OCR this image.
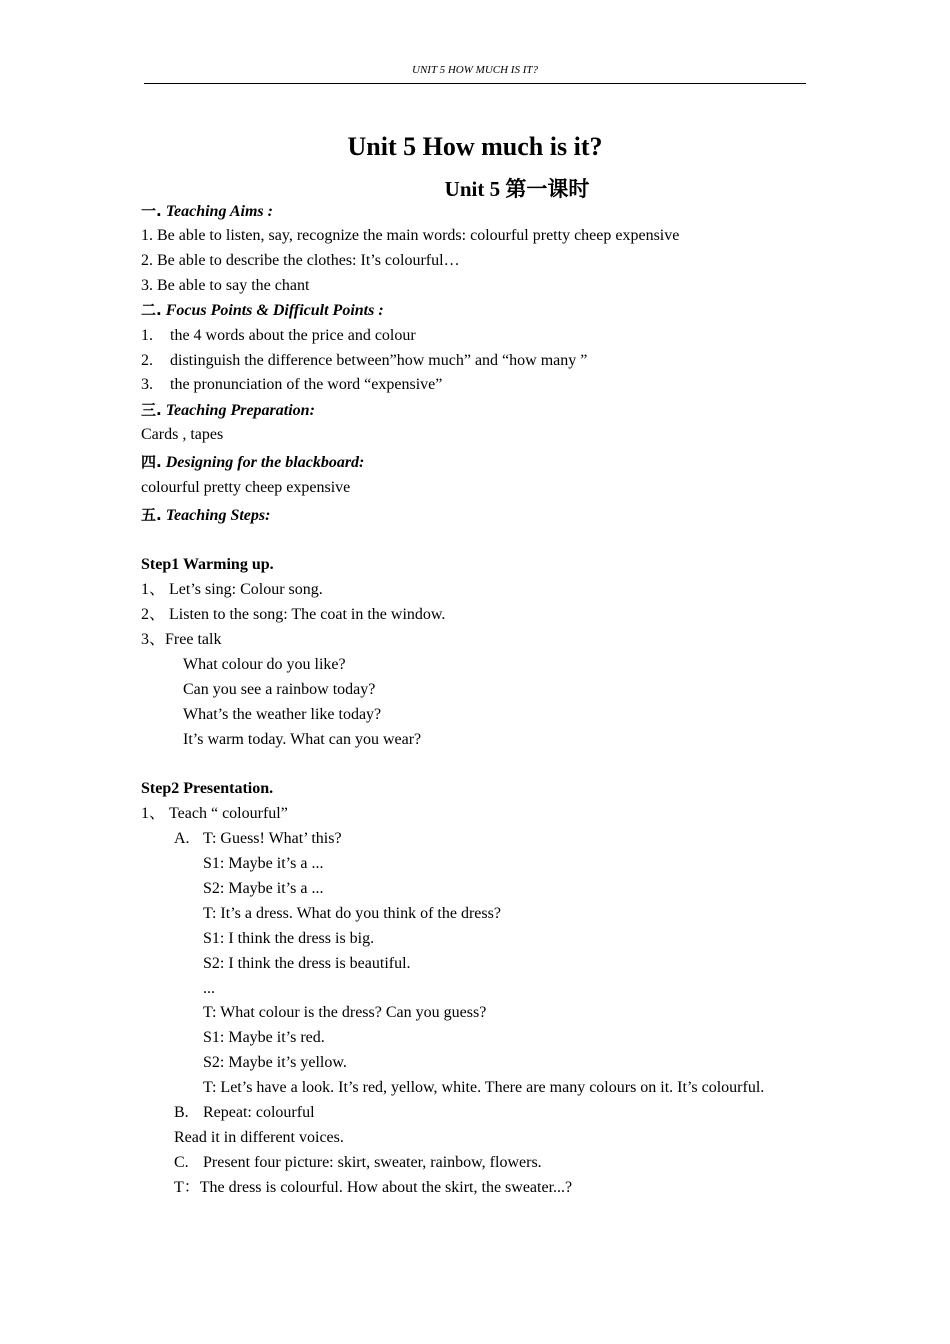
UNIT 5 HOW MUCH IS IT?
Unit 5 How much is it?
Unit 5 第一课时
一. Teaching Aims :
1. Be able to listen, say, recognize the main words: colourful pretty cheep expensive
2. Be able to describe the clothes: It’s colourful…
3. Be able to say the chant
二. Focus Points & Difficult Points :
1. the 4 words about the price and colour
2. distinguish the difference between”how much” and “how many ”
3. the pronunciation of the word “expensive”
三. Teaching Preparation:
Cards , tapes
四. Designing for the blackboard:
colourful pretty cheep expensive
五. Teaching Steps:
Step1 Warming up.
1、 Let’s sing: Colour song.
2、 Listen to the song: The coat in the window.
3、Free talk
What colour do you like?
Can you see a rainbow today?
What’s the weather like today?
It’s warm today. What can you wear?
Step2 Presentation.
1、 Teach “ colourful”
A. T: Guess! What’ this?
S1: Maybe it’s a ...
S2: Maybe it’s a ...
T: It’s a dress. What do you think of the dress?
S1: I think the dress is big.
S2: I think the dress is beautiful.
...
T: What colour is the dress? Can you guess?
S1: Maybe it’s red.
S2: Maybe it’s yellow.
T: Let’s have a look. It’s red, yellow, white. There are many colours on it. It’s colourful.
B. Repeat: colourful
Read it in different voices.
C. Present four picture: skirt, sweater, rainbow, flowers.
T：The dress is colourful. How about the skirt, the sweater...?
